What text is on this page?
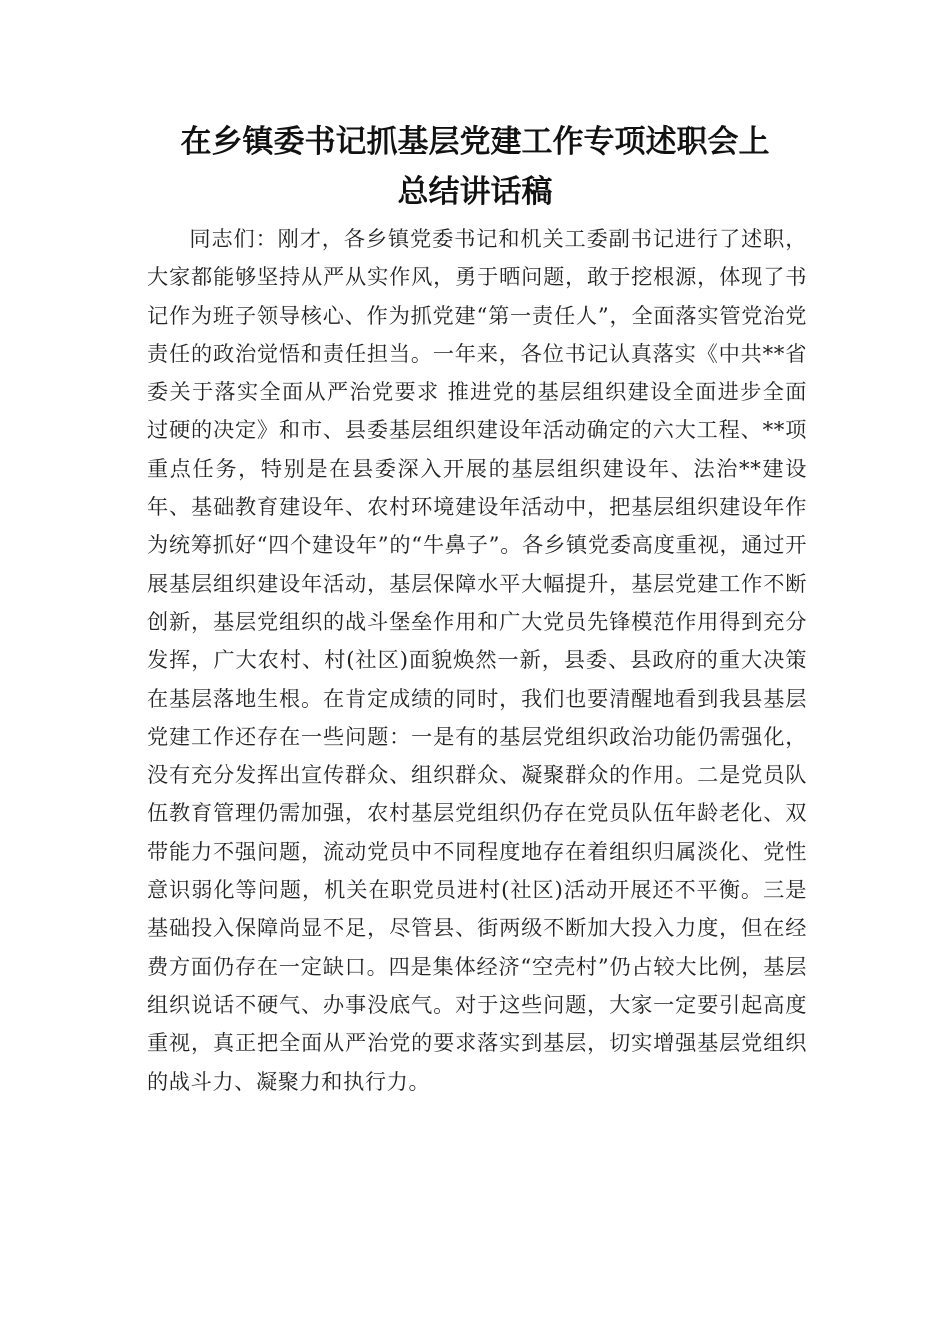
在乡镇委书记抓基层党建工作专项述职会上
总结讲话稿

同志们：刚才，各乡镇党委书记和机关工委副书记进行了述职，大家都能够坚持从严从实作风，勇于晒问题，敢于挖根源，体现了书记作为班子领导核心、作为抓党建“第一责任人”，全面落实管党治党责任的政治觉悟和责任担当。一年来，各位书记认真落实《中共**省委关于落实全面从严治党要求 推进党的基层组织建设全面进步全面过硬的决定》和市、县委基层组织建设年活动确定的六大工程、**项重点任务，特别是在县委深入开展的基层组织建设年、法治**建设年、基础教育建设年、农村环境建设年活动中，把基层组织建设年作为统筹抓好“四个建设年”的“牛鼻子”。各乡镇党委高度重视，通过开展基层组织建设年活动，基层保障水平大幅提升，基层党建工作不断创新，基层党组织的战斗堡垒作用和广大党员先锋模范作用得到充分发挥，广大农村、村(社区)面貌焕然一新，县委、县政府的重大决策在基层落地生根。在肯定成绩的同时，我们也要清醒地看到我县基层党建工作还存在一些问题：一是有的基层党组织政治功能仍需强化，没有充分发挥出宣传群众、组织群众、凝聚群众的作用。二是党员队伍教育管理仍需加强，农村基层党组织仍存在党员队伍年龄老化、双带能力不强问题，流动党员中不同程度地存在着组织归属淡化、党性意识弱化等问题，机关在职党员进村(社区)活动开展还不平衡。三是基础投入保障尚显不足，尽管县、街两级不断加大投入力度，但在经费方面仍存在一定缺口。四是集体经济“空壳村”仍占较大比例，基层组织说话不硬气、办事没底气。对于这些问题，大家一定要引起高度重视，真正把全面从严治党的要求落实到基层，切实增强基层党组织的战斗力、凝聚力和执行力。
